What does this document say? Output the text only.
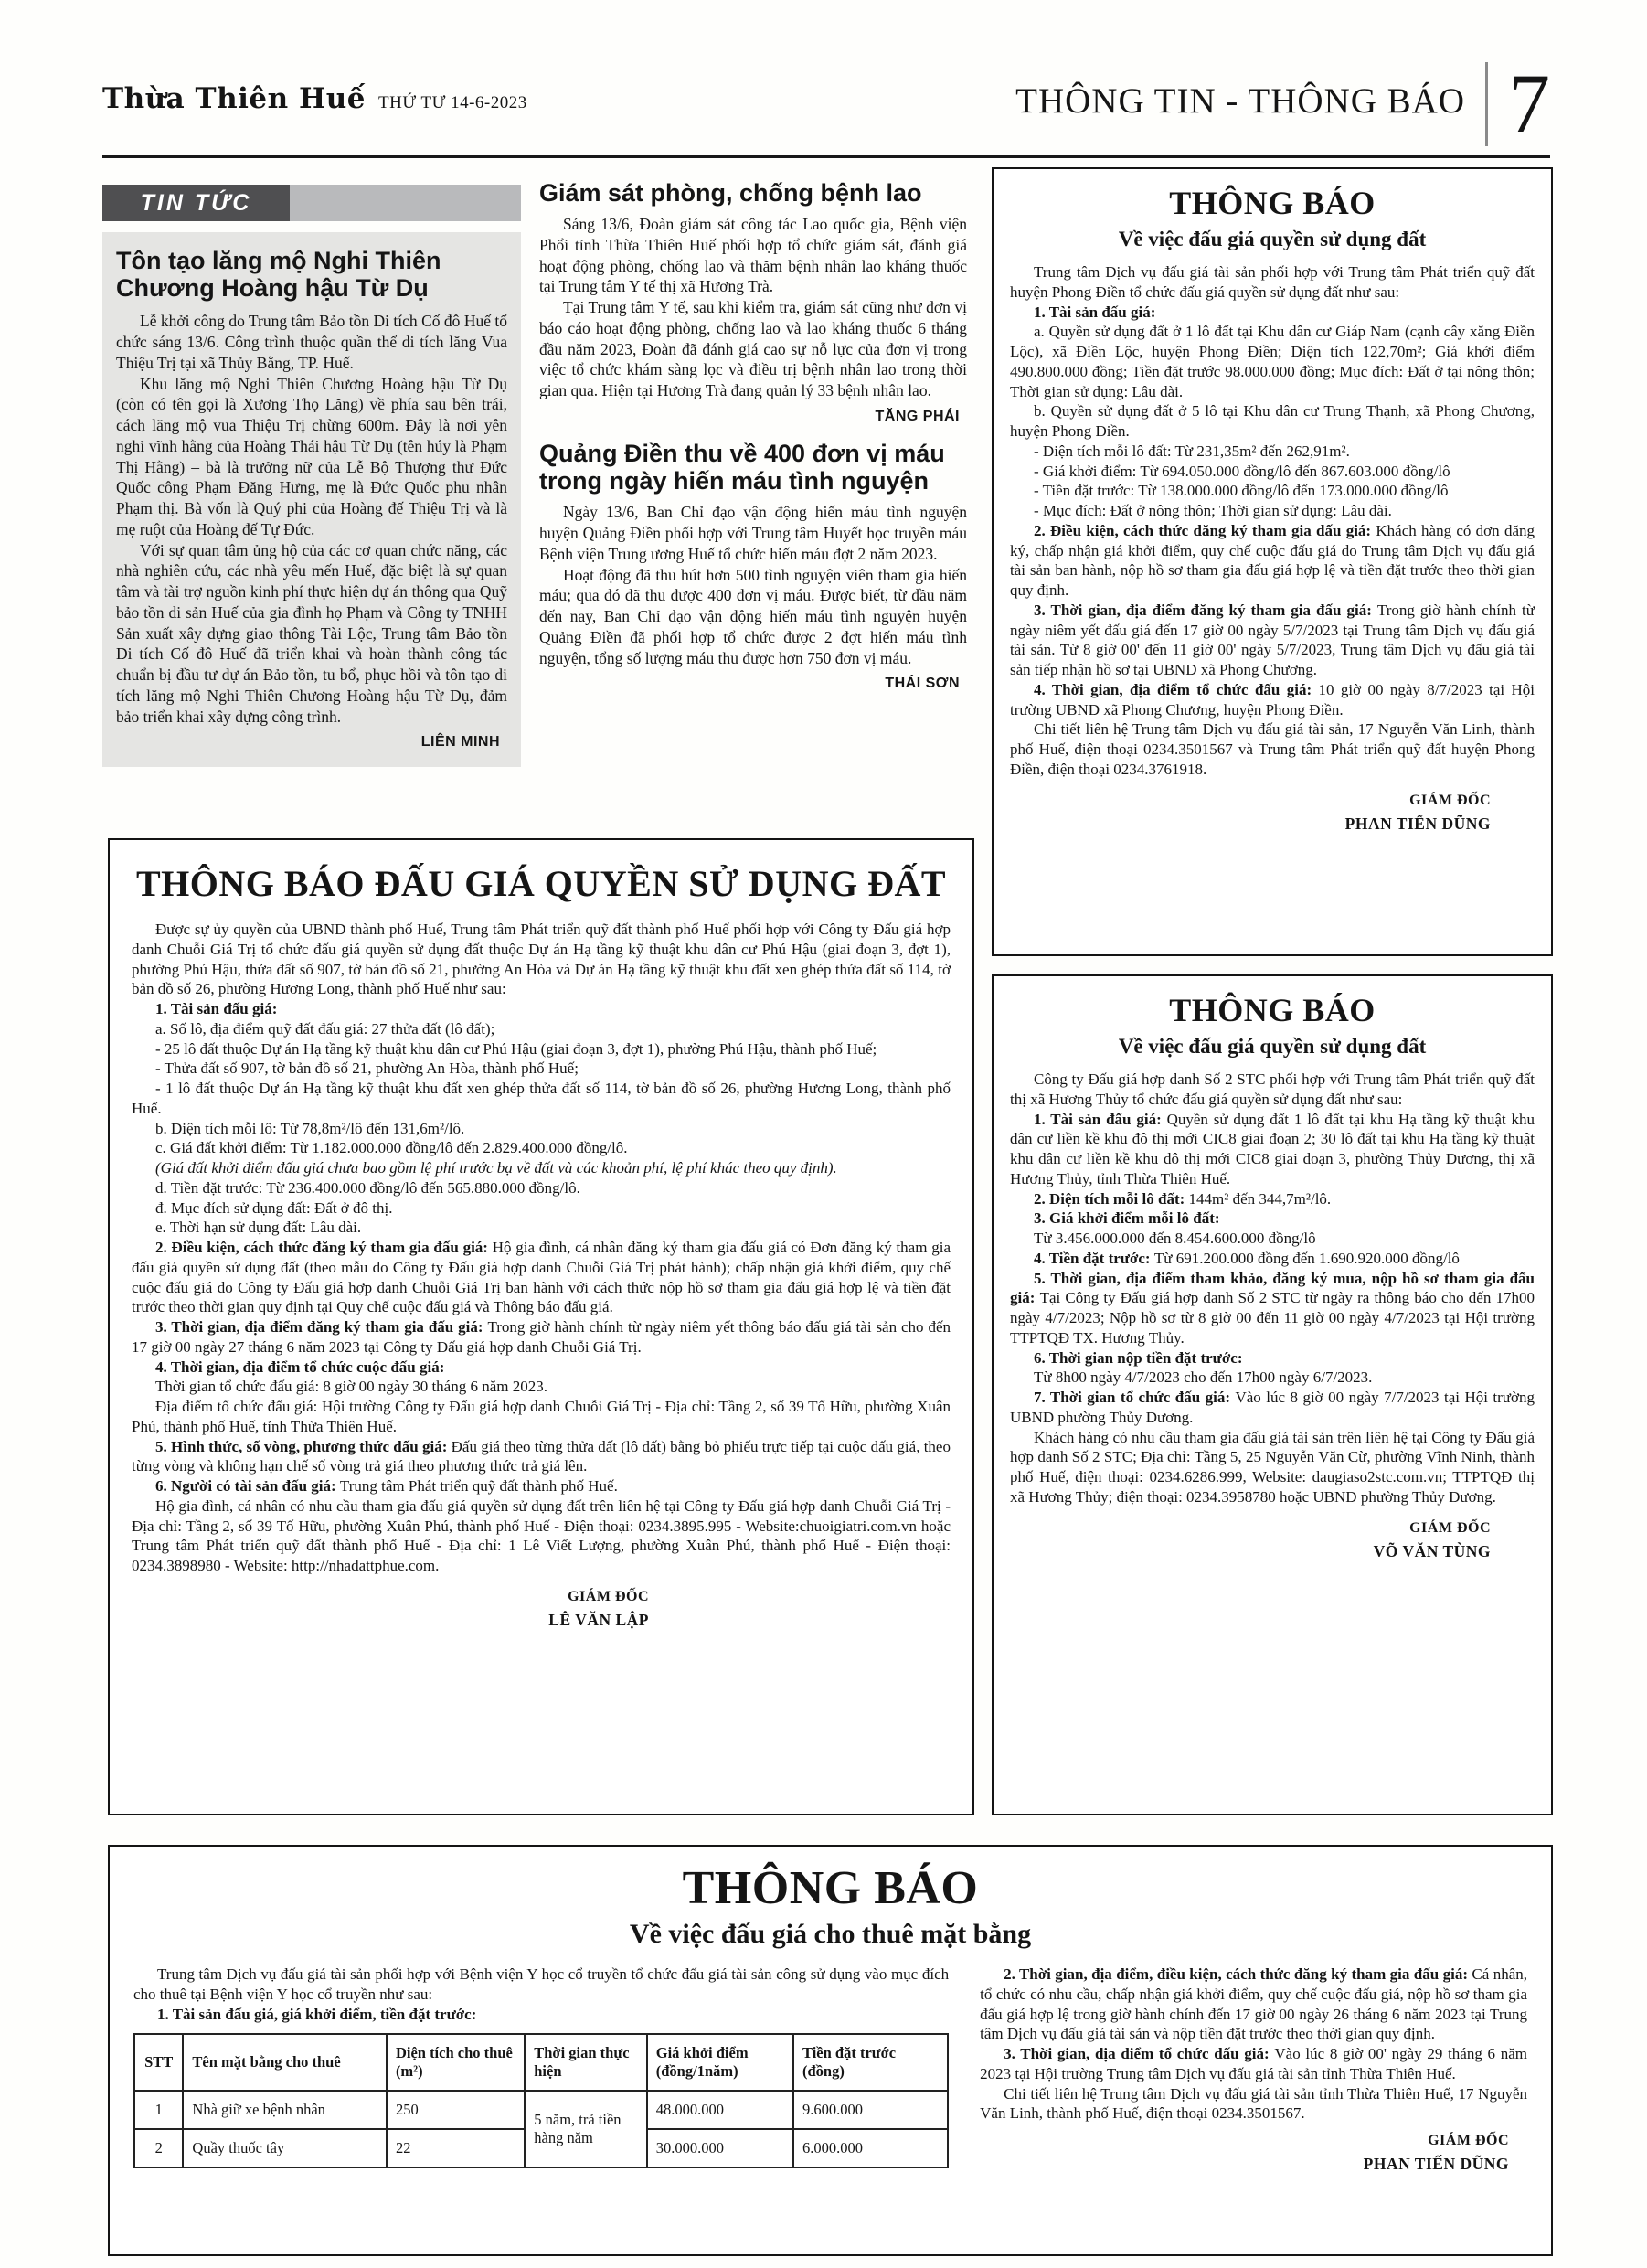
Thừa Thiên Huế THỨ TƯ 14-6-2023	THÔNG TIN - THÔNG BÁO 7
TIN TỨC
Tôn tạo lăng mộ Nghi Thiên Chương Hoàng hậu Từ Dụ

Lễ khởi công do Trung tâm Bảo tồn Di tích Cố đô Huế tổ chức sáng 13/6. Công trình thuộc quần thể di tích lăng Vua Thiệu Trị tại xã Thủy Bằng, TP. Huế.

Khu lăng mộ Nghi Thiên Chương Hoàng hậu Từ Dụ (còn có tên gọi là Xương Thọ Lăng) về phía sau bên trái, cách lăng mộ vua Thiệu Trị chừng 600m. Đây là nơi yên nghỉ vĩnh hằng của Hoàng Thái hậu Từ Dụ (tên húy là Phạm Thị Hằng) – bà là trưởng nữ của Lễ Bộ Thượng thư Đức Quốc công Phạm Đăng Hưng, mẹ là Đức Quốc phu nhân Phạm thị. Bà vốn là Quý phi của Hoàng đế Thiệu Trị và là mẹ ruột của Hoàng đế Tự Đức.

Với sự quan tâm ủng hộ của các cơ quan chức năng, các nhà nghiên cứu, các nhà yêu mến Huế, đặc biệt là sự quan tâm và tài trợ nguồn kinh phí thực hiện dự án thông qua Quỹ bảo tồn di sản Huế của gia đình họ Phạm và Công ty TNHH Sản xuất xây dựng giao thông Tài Lộc, Trung tâm Bảo tồn Di tích Cố đô Huế đã triển khai và hoàn thành công tác chuẩn bị đầu tư dự án Bảo tồn, tu bổ, phục hồi và tôn tạo di tích lăng mộ Nghi Thiên Chương Hoàng hậu Từ Dụ, đảm bảo triển khai xây dựng công trình.

LIÊN MINH
Giám sát phòng, chống bệnh lao

Sáng 13/6, Đoàn giám sát công tác Lao quốc gia, Bệnh viện Phổi tỉnh Thừa Thiên Huế phối hợp tổ chức giám sát, đánh giá hoạt động phòng, chống lao và thăm bệnh nhân lao kháng thuốc tại Trung tâm Y tế thị xã Hương Trà.

Tại Trung tâm Y tế, sau khi kiểm tra, giám sát cũng như đơn vị báo cáo hoạt động phòng, chống lao và lao kháng thuốc 6 tháng đầu năm 2023, Đoàn đã đánh giá cao sự nỗ lực của đơn vị trong việc tổ chức khám sàng lọc và điều trị bệnh nhân lao trong thời gian qua. Hiện tại Hương Trà đang quản lý 33 bệnh nhân lao.

TĂNG PHÁI
Quảng Điền thu về 400 đơn vị máu trong ngày hiến máu tình nguyện

Ngày 13/6, Ban Chỉ đạo vận động hiến máu tình nguyện huyện Quảng Điền phối hợp với Trung tâm Huyết học truyền máu Bệnh viện Trung ương Huế tổ chức hiến máu đợt 2 năm 2023.

Hoạt động đã thu hút hơn 500 tình nguyện viên tham gia hiến máu; qua đó đã thu được 400 đơn vị máu. Được biết, từ đầu năm đến nay, Ban Chỉ đạo vận động hiến máu tình nguyện huyện Quảng Điền đã phối hợp tổ chức được 2 đợt hiến máu tình nguyện, tổng số lượng máu thu được hơn 750 đơn vị máu.

THÁI SƠN
THÔNG BÁO
Về việc đấu giá quyền sử dụng đất

Trung tâm Dịch vụ đấu giá tài sản phối hợp với Trung tâm Phát triển quỹ đất huyện Phong Điền tổ chức đấu giá quyền sử dụng đất như sau:

1. Tài sản đấu giá:

a. Quyền sử dụng đất ở 1 lô đất tại Khu dân cư Giáp Nam (cạnh cây xăng Điền Lộc), xã Điền Lộc, huyện Phong Điền; Diện tích 122,70m²; Giá khởi điểm 490.800.000 đồng; Tiền đặt trước 98.000.000 đồng; Mục đích: Đất ở tại nông thôn; Thời gian sử dụng: Lâu dài.

b. Quyền sử dụng đất ở 5 lô tại Khu dân cư Trung Thạnh, xã Phong Chương, huyện Phong Điền.

- Diện tích mỗi lô đất: Từ 231,35m² đến 262,91m².

- Giá khởi điểm: Từ 694.050.000 đồng/lô đến 867.603.000 đồng/lô

- Tiền đặt trước: Từ 138.000.000 đồng/lô đến 173.000.000 đồng/lô

- Mục đích: Đất ở nông thôn; Thời gian sử dụng: Lâu dài.

2. Điều kiện, cách thức đăng ký tham gia đấu giá: Khách hàng có đơn đăng ký, chấp nhận giá khởi điểm, quy chế cuộc đấu giá do Trung tâm Dịch vụ đấu giá tài sản ban hành, nộp hồ sơ tham gia đấu giá hợp lệ và tiền đặt trước theo thời gian quy định.

3. Thời gian, địa điểm đăng ký tham gia đấu giá: Trong giờ hành chính từ ngày niêm yết đấu giá đến 17 giờ 00 ngày 5/7/2023 tại Trung tâm Dịch vụ đấu giá tài sản. Từ 8 giờ 00' đến 11 giờ 00' ngày 5/7/2023, Trung tâm Dịch vụ đấu giá tài sản tiếp nhận hồ sơ tại UBND xã Phong Chương.

4. Thời gian, địa điểm tổ chức đấu giá: 10 giờ 00 ngày 8/7/2023 tại Hội trường UBND xã Phong Chương, huyện Phong Điền.

Chi tiết liên hệ Trung tâm Dịch vụ đấu giá tài sản, 17 Nguyễn Văn Linh, thành phố Huế, điện thoại 0234.3501567 và Trung tâm Phát triển quỹ đất huyện Phong Điền, điện thoại 0234.3761918.

GIÁM ĐỐC
PHAN TIẾN DŨNG
THÔNG BÁO
Về việc đấu giá quyền sử dụng đất

Công ty Đấu giá hợp danh Số 2 STC phối hợp với Trung tâm Phát triển quỹ đất thị xã Hương Thủy tổ chức đấu giá quyền sử dụng đất như sau:

1. Tài sản đấu giá: Quyền sử dụng đất 1 lô đất tại khu Hạ tầng kỹ thuật khu dân cư liền kề khu đô thị mới CIC8 giai đoạn 2; 30 lô đất tại khu Hạ tầng kỹ thuật khu dân cư liền kề khu đô thị mới CIC8 giai đoạn 3, phường Thủy Dương, thị xã Hương Thủy, tỉnh Thừa Thiên Huế.

2. Diện tích mỗi lô đất: 144m² đến 344,7m²/lô.

3. Giá khởi điểm mỗi lô đất:

Từ 3.456.000.000 đến 8.454.600.000 đồng/lô

4. Tiền đặt trước: Từ 691.200.000 đồng đến 1.690.920.000 đồng/lô

5. Thời gian, địa điểm tham khảo, đăng ký mua, nộp hồ sơ tham gia đấu giá: Tại Công ty Đấu giá hợp danh Số 2 STC từ ngày ra thông báo cho đến 17h00 ngày 4/7/2023; Nộp hồ sơ từ 8 giờ 00 đến 11 giờ 00 ngày 4/7/2023 tại Hội trường TTPTQĐ TX. Hương Thủy.

6. Thời gian nộp tiền đặt trước:

Từ 8h00 ngày 4/7/2023 cho đến 17h00 ngày 6/7/2023.

7. Thời gian tổ chức đấu giá: Vào lúc 8 giờ 00 ngày 7/7/2023 tại Hội trường UBND phường Thủy Dương.

Khách hàng có nhu cầu tham gia đấu giá tài sản trên liên hệ tại Công ty Đấu giá hợp danh Số 2 STC; Địa chỉ: Tầng 5, 25 Nguyễn Văn Cừ, phường Vĩnh Ninh, thành phố Huế, điện thoại: 0234.6286.999, Website: daugiaso2stc.com.vn; TTPTQĐ thị xã Hương Thủy; điện thoại: 0234.3958780 hoặc UBND phường Thủy Dương.

GIÁM ĐỐC
VÕ VĂN TÙNG
THÔNG BÁO ĐẤU GIÁ QUYỀN SỬ DỤNG ĐẤT

Được sự ủy quyền của UBND thành phố Huế, Trung tâm Phát triển quỹ đất thành phố Huế phối hợp với Công ty Đấu giá hợp danh Chuỗi Giá Trị tổ chức đấu giá quyền sử dụng đất thuộc Dự án Hạ tầng kỹ thuật khu dân cư Phú Hậu (giai đoạn 3, đợt 1), phường Phú Hậu, thửa đất số 907, tờ bản đồ số 21, phường An Hòa và Dự án Hạ tầng kỹ thuật khu đất xen ghép thửa đất số 114, tờ bản đồ số 26, phường Hương Long, thành phố Huế như sau:

1. Tài sản đấu giá:

a. Số lô, địa điểm quỹ đất đấu giá: 27 thửa đất (lô đất);

- 25 lô đất thuộc Dự án Hạ tầng kỹ thuật khu dân cư Phú Hậu (giai đoạn 3, đợt 1), phường Phú Hậu, thành phố Huế;

- Thửa đất số 907, tờ bản đồ số 21, phường An Hòa, thành phố Huế;

- 1 lô đất thuộc Dự án Hạ tầng kỹ thuật khu đất xen ghép thửa đất số 114, tờ bản đồ số 26, phường Hương Long, thành phố Huế.

b. Diện tích mỗi lô: Từ 78,8m²/lô đến 131,6m²/lô.

c. Giá đất khởi điểm: Từ 1.182.000.000 đồng/lô đến 2.829.400.000 đồng/lô.

(Giá đất khởi điểm đấu giá chưa bao gồm lệ phí trước bạ về đất và các khoản phí, lệ phí khác theo quy định).

d. Tiền đặt trước: Từ 236.400.000 đồng/lô đến 565.880.000 đồng/lô.

đ. Mục đích sử dụng đất: Đất ở đô thị.

e. Thời hạn sử dụng đất: Lâu dài.

2. Điều kiện, cách thức đăng ký tham gia đấu giá: Hộ gia đình, cá nhân đăng ký tham gia đấu giá có Đơn đăng ký tham gia đấu giá quyền sử dụng đất (theo mẫu do Công ty Đấu giá hợp danh Chuỗi Giá Trị phát hành); chấp nhận giá khởi điểm, quy chế cuộc đấu giá do Công ty Đấu giá hợp danh Chuỗi Giá Trị ban hành với cách thức nộp hồ sơ tham gia đấu giá hợp lệ và tiền đặt trước theo thời gian quy định tại Quy chế cuộc đấu giá và Thông báo đấu giá.

3. Thời gian, địa điểm đăng ký tham gia đấu giá: Trong giờ hành chính từ ngày niêm yết thông báo đấu giá tài sản cho đến 17 giờ 00 ngày 27 tháng 6 năm 2023 tại Công ty Đấu giá hợp danh Chuỗi Giá Trị.

4. Thời gian, địa điểm tổ chức cuộc đấu giá:

Thời gian tổ chức đấu giá: 8 giờ 00 ngày 30 tháng 6 năm 2023.

Địa điểm tổ chức đấu giá: Hội trường Công ty Đấu giá hợp danh Chuỗi Giá Trị - Địa chỉ: Tầng 2, số 39 Tố Hữu, phường Xuân Phú, thành phố Huế, tỉnh Thừa Thiên Huế.

5. Hình thức, số vòng, phương thức đấu giá: Đấu giá theo từng thửa đất (lô đất) bằng bỏ phiếu trực tiếp tại cuộc đấu giá, theo từng vòng và không hạn chế số vòng trả giá theo phương thức trả giá lên.

6. Người có tài sản đấu giá: Trung tâm Phát triển quỹ đất thành phố Huế.

Hộ gia đình, cá nhân có nhu cầu tham gia đấu giá quyền sử dụng đất trên liên hệ tại Công ty Đấu giá hợp danh Chuỗi Giá Trị - Địa chỉ: Tầng 2, số 39 Tố Hữu, phường Xuân Phú, thành phố Huế - Điện thoại: 0234.3895.995 - Website:chuoigiatri.com.vn hoặc Trung tâm Phát triển quỹ đất thành phố Huế - Địa chỉ: 1 Lê Viết Lượng, phường Xuân Phú, thành phố Huế - Điện thoại: 0234.3898980 - Website: http://nhadattphue.com.

GIÁM ĐỐC
LÊ VĂN LẬP
THÔNG BÁO
Về việc đấu giá cho thuê mặt bằng

Trung tâm Dịch vụ đấu giá tài sản phối hợp với Bệnh viện Y học cổ truyền tổ chức đấu giá tài sản công sử dụng vào mục đích cho thuê tại Bệnh viện Y học cổ truyền như sau:

1. Tài sản đấu giá, giá khởi điểm, tiền đặt trước:

STT	Tên mặt bằng cho thuê	Diện tích cho thuê (m²)	Thời gian thực hiện	Giá khởi điểm (đồng/1năm)	Tiền đặt trước (đồng)
1	Nhà giữ xe bệnh nhân	250	5 năm, trả tiền hàng năm	48.000.000	9.600.000
2	Quầy thuốc tây	22		30.000.000	6.000.000

2. Thời gian, địa điểm, điều kiện, cách thức đăng ký tham gia đấu giá: Cá nhân, tổ chức có nhu cầu, chấp nhận giá khởi điểm, quy chế cuộc đấu giá, nộp hồ sơ tham gia đấu giá hợp lệ trong giờ hành chính đến 17 giờ 00 ngày 26 tháng 6 năm 2023 tại Trung tâm Dịch vụ đấu giá tài sản và nộp tiền đặt trước theo thời gian quy định.

3. Thời gian, địa điểm tổ chức đấu giá: Vào lúc 8 giờ 00' ngày 29 tháng 6 năm 2023 tại Hội trường Trung tâm Dịch vụ đấu giá tài sản tỉnh Thừa Thiên Huế.

Chi tiết liên hệ Trung tâm Dịch vụ đấu giá tài sản tỉnh Thừa Thiên Huế, 17 Nguyễn Văn Linh, thành phố Huế, điện thoại 0234.3501567.

GIÁM ĐỐC
PHAN TIẾN DŨNG
